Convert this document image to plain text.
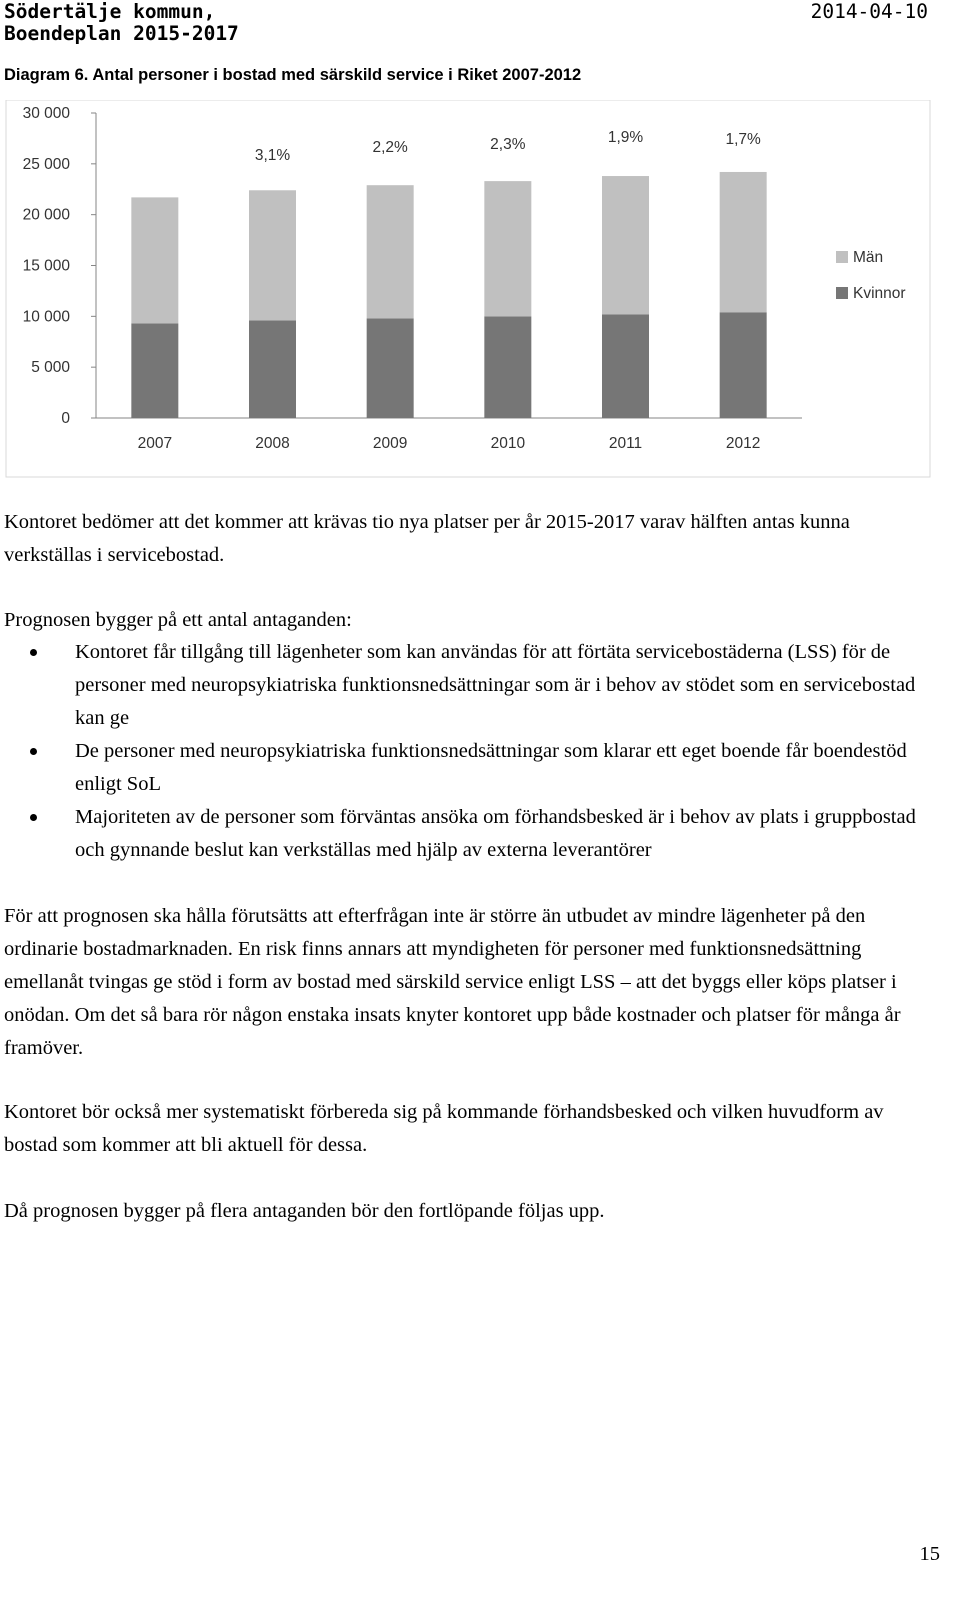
Södertälje kommun,
Boendeplan 2015-2017
2014-04-10
Diagram 6. Antal personer i bostad med särskild service i Riket 2007-2012
0
5 000
10 000
15 000
20 000
25 000
30 000
2007	2008	2009	2010	2011	2012
3,1%	2,2%	2,3%	1,9%	1,7%
Män
Kvinnor
Kontoret bedömer att det kommer att krävas tio nya platser per år 2015-2017 varav hälften antas kunna verkställas i servicebostad.
Prognosen bygger på ett antal antaganden:
Kontoret får tillgång till lägenheter som kan användas för att förtäta servicebostäderna (LSS) för de personer med neuropsykiatriska funktionsnedsättningar som är i behov av stödet som en servicebostad kan ge
De personer med neuropsykiatriska funktionsnedsättningar som klarar ett eget boende får boendestöd enligt SoL
Majoriteten av de personer som förväntas ansöka om förhandsbesked är i behov av plats i gruppbostad och gynnande beslut kan verkställas med hjälp av externa leverantörer
För att prognosen ska hålla förutsätts att efterfrågan inte är större än utbudet av mindre lägenheter på den ordinarie bostadmarknaden. En risk finns annars att myndigheten för personer med funktionsnedsättning emellanåt tvingas ge stöd i form av bostad med särskild service enligt LSS – att det byggs eller köps platser i onödan. Om det så bara rör någon enstaka insats knyter kontoret upp både kostnader och platser för många år framöver.
Kontoret bör också mer systematiskt förbereda sig på kommande förhandsbesked och vilken huvudform av bostad som kommer att bli aktuell för dessa.
Då prognosen bygger på flera antaganden bör den fortlöpande följas upp.
15
